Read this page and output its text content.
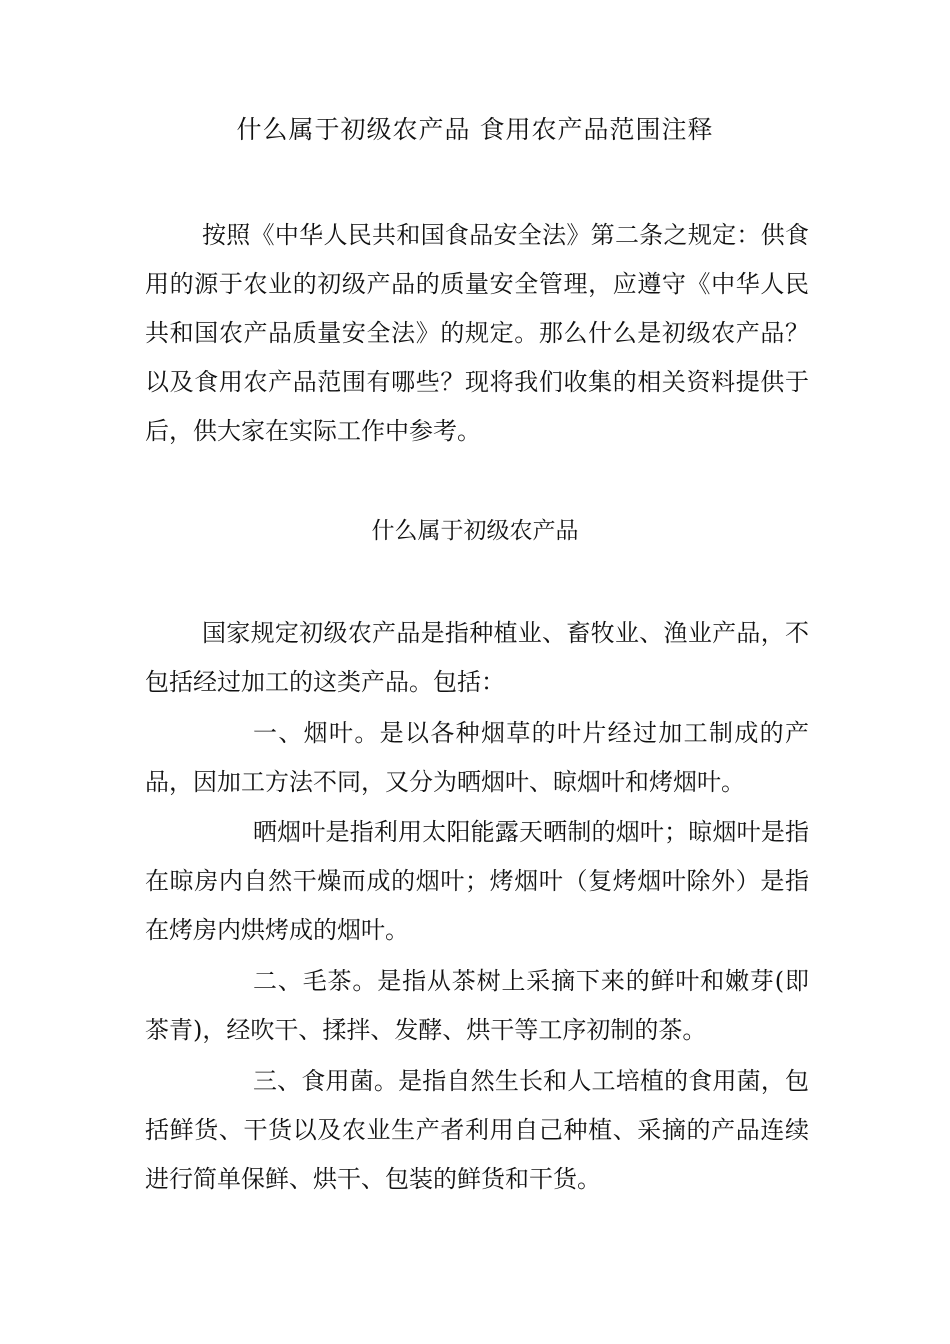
什么属于初级农产品 食用农产品范围注释

按照《中华人民共和国食品安全法》第二条之规定：供食用的源于农业的初级产品的质量安全管理，应遵守《中华人民共和国农产品质量安全法》的规定。那么什么是初级农产品？以及食用农产品范围有哪些？现将我们收集的相关资料提供于后，供大家在实际工作中参考。

什么属于初级农产品

国家规定初级农产品是指种植业、畜牧业、渔业产品，不包括经过加工的这类产品。包括：

一、烟叶。是以各种烟草的叶片经过加工制成的产品，因加工方法不同，又分为晒烟叶、晾烟叶和烤烟叶。

晒烟叶是指利用太阳能露天晒制的烟叶；晾烟叶是指在晾房内自然干燥而成的烟叶；烤烟叶（复烤烟叶除外）是指在烤房内烘烤成的烟叶。

二、毛茶。是指从茶树上采摘下来的鲜叶和嫩芽(即茶青)，经吹干、揉拌、发酵、烘干等工序初制的茶。

三、食用菌。是指自然生长和人工培植的食用菌，包括鲜货、干货以及农业生产者利用自己种植、采摘的产品连续进行简单保鲜、烘干、包装的鲜货和干货。
